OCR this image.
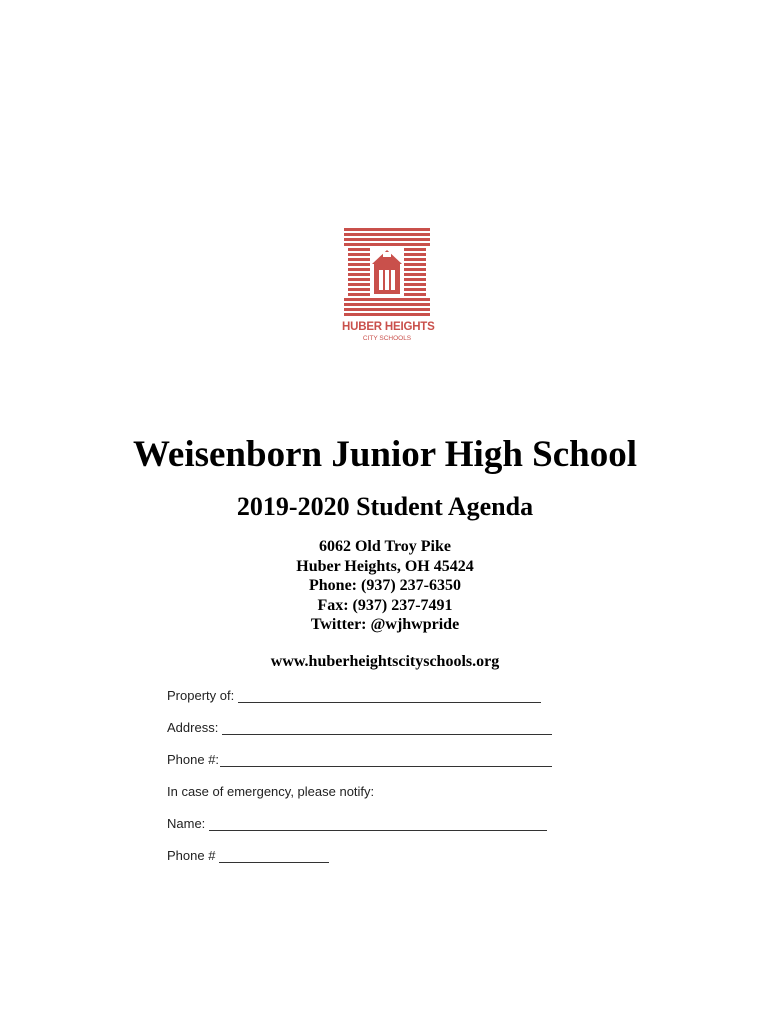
HUBER HEIGHTS
CITY SCHOOLS
Weisenborn Junior High School
2019-2020 Student Agenda
6062 Old Troy Pike
Huber Heights, OH 45424
Phone: (937) 237-6350
Fax: (937) 237-7491
Twitter: @wjhwpride
www.huberheightscityschools.org
Property of:
Address:
Phone #:
In case of emergency, please notify:
Name:
Phone #
